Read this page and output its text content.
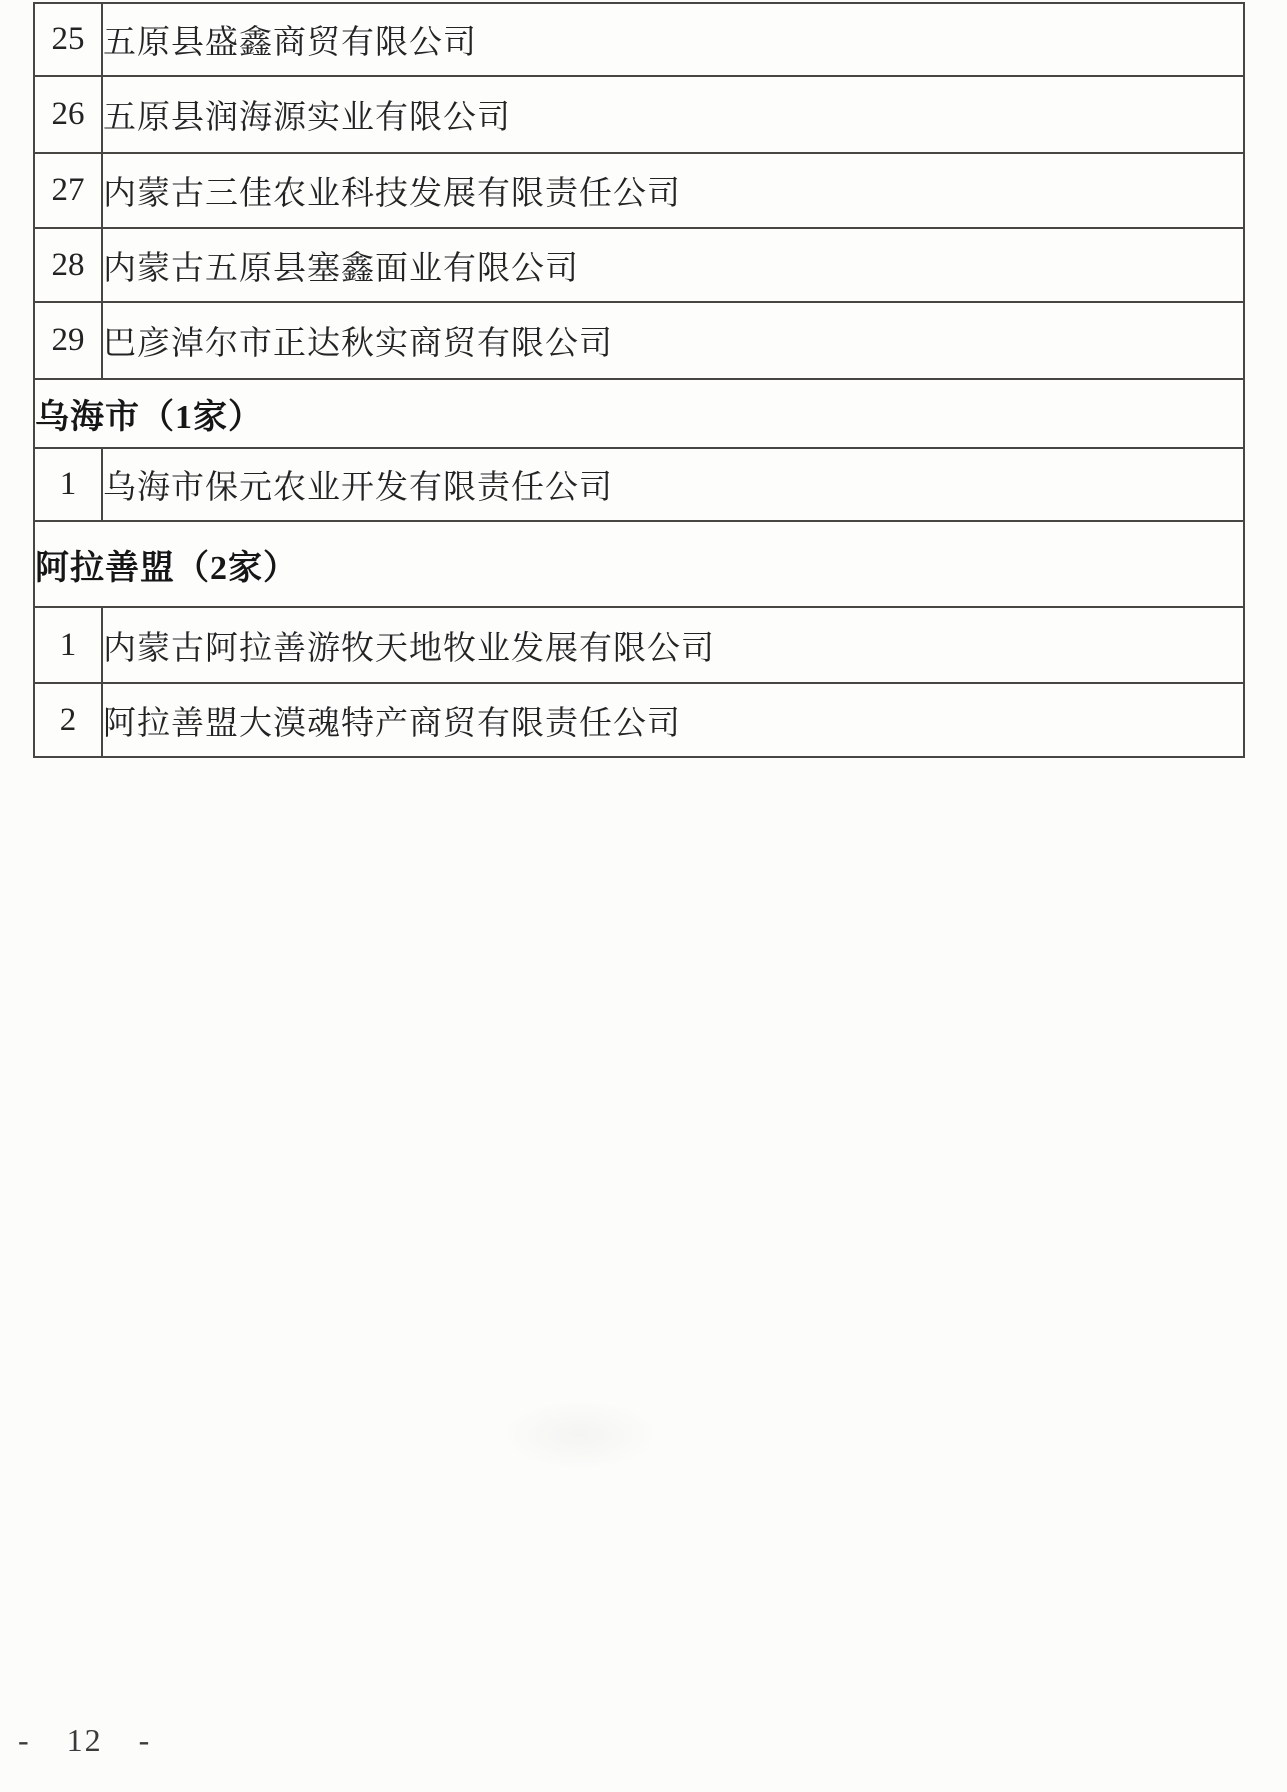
25	五原县盛鑫商贸有限公司
26	五原县润海源实业有限公司
27	内蒙古三佳农业科技发展有限责任公司
28	内蒙古五原县塞鑫面业有限公司
29	巴彦淖尔市正达秋实商贸有限公司
乌海市（1家）	
1	乌海市保元农业开发有限责任公司
阿拉善盟（2家）	
1	内蒙古阿拉善游牧天地牧业发展有限公司
2	阿拉善盟大漠魂特产商贸有限责任公司
-  12  -
